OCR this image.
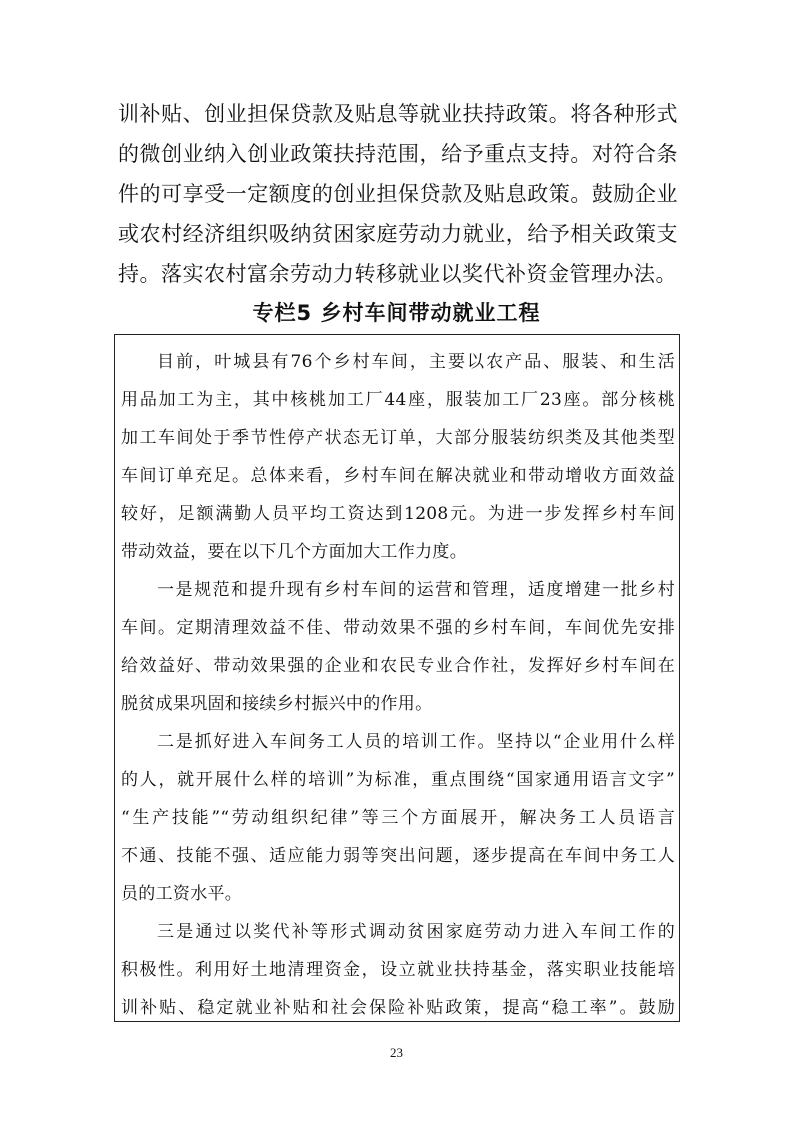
训补贴、创业担保贷款及贴息等就业扶持政策。将各种形式
的微创业纳入创业政策扶持范围，给予重点支持。对符合条
件的可享受一定额度的创业担保贷款及贴息政策。鼓励企业
或农村经济组织吸纳贫困家庭劳动力就业，给予相关政策支
持。落实农村富余劳动力转移就业以奖代补资金管理办法。
专栏5 乡村车间带动就业工程
目前，叶城县有76个乡村车间，主要以农产品、服装、和生活
用品加工为主，其中核桃加工厂44座，服装加工厂23座。部分核桃
加工车间处于季节性停产状态无订单，大部分服装纺织类及其他类型
车间订单充足。总体来看，乡村车间在解决就业和带动增收方面效益
较好，足额满勤人员平均工资达到1208元。为进一步发挥乡村车间
带动效益，要在以下几个方面加大工作力度。
一是规范和提升现有乡村车间的运营和管理，适度增建一批乡村
车间。定期清理效益不佳、带动效果不强的乡村车间，车间优先安排
给效益好、带动效果强的企业和农民专业合作社，发挥好乡村车间在
脱贫成果巩固和接续乡村振兴中的作用。
二是抓好进入车间务工人员的培训工作。坚持以“企业用什么样
的人，就开展什么样的培训”为标准，重点围绕“国家通用语言文字”
“生产技能”“劳动组织纪律”等三个方面展开，解决务工人员语言
不通、技能不强、适应能力弱等突出问题，逐步提高在车间中务工人
员的工资水平。
三是通过以奖代补等形式调动贫困家庭劳动力进入车间工作的
积极性。利用好土地清理资金，设立就业扶持基金，落实职业技能培
训补贴、稳定就业补贴和社会保险补贴政策，提高“稳工率”。鼓励
23
